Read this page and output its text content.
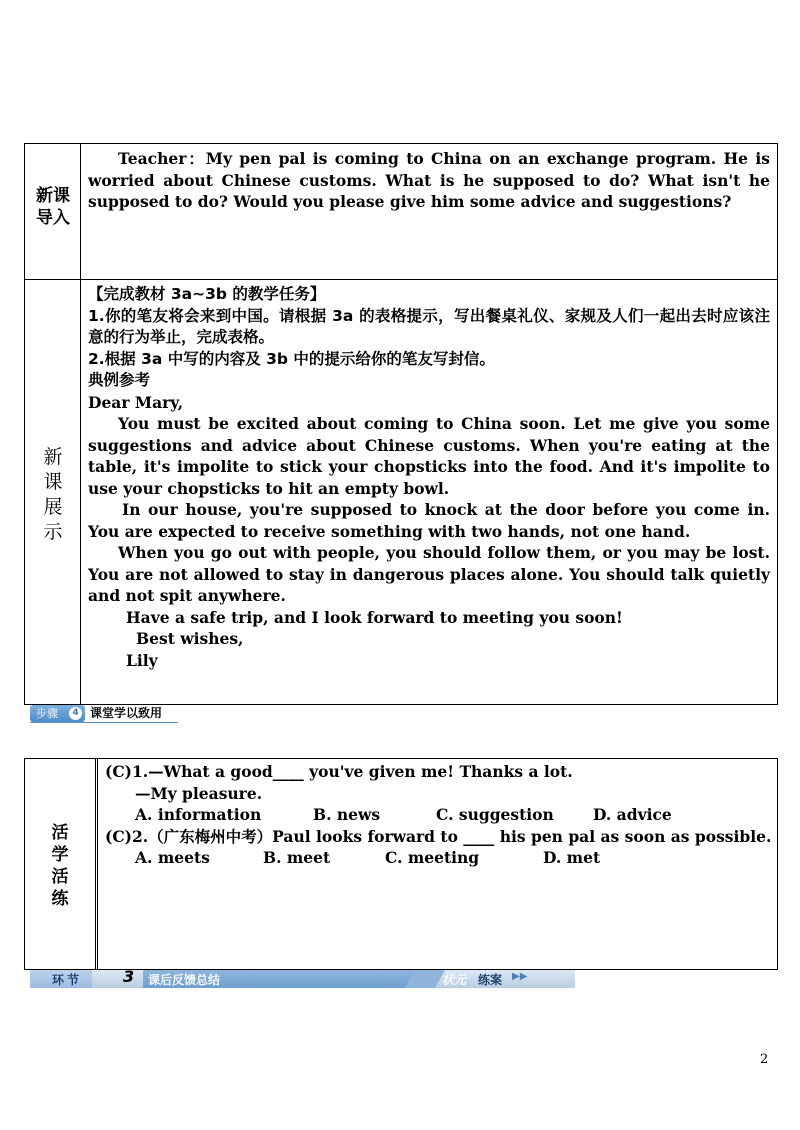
新课导入

Teacher：My pen pal is coming to China on an exchange program. He is worried about Chinese customs. What is he supposed to do? What isn't he supposed to do? Would you please give him some advice and suggestions?

新课展示

【完成教材 3a~3b 的教学任务】

1.你的笔友将会来到中国。请根据 3a 的表格提示，写出餐桌礼仪、家规及人们一起出去时应该注意的行为举止，完成表格。

2.根据 3a 中写的内容及 3b 中的提示给你的笔友写封信。

典例参考

Dear Mary,

You must be excited about coming to China soon. Let me give you some suggestions and advice about Chinese customs. When you're eating at the table, it's impolite to stick your chopsticks into the food. And it's impolite to use your chopsticks to hit an empty bowl.

In our house, you're supposed to knock at the door before you come in. You are expected to receive something with two hands, not one hand.

When you go out with people, you should follow them, or you may be lost. You are not allowed to stay in dangerous places alone. You should talk quietly and not spit anywhere.

Have a safe trip, and I look forward to meeting you soon!

Best wishes,

Lily

步骤	4 课堂学以致用
活学活练

(C)1.—What a good____ you've given me! Thanks a lot.

—My pleasure.

A. information	B. news	C. suggestion	D. advice

(C)2.（广东梅州中考）Paul looks forward to ____ his pen pal as soon as possible.

A. meets	B. meet	C. meeting	D. met

环节	3 课后反馈总结	状元 练案 ▶▶
2
